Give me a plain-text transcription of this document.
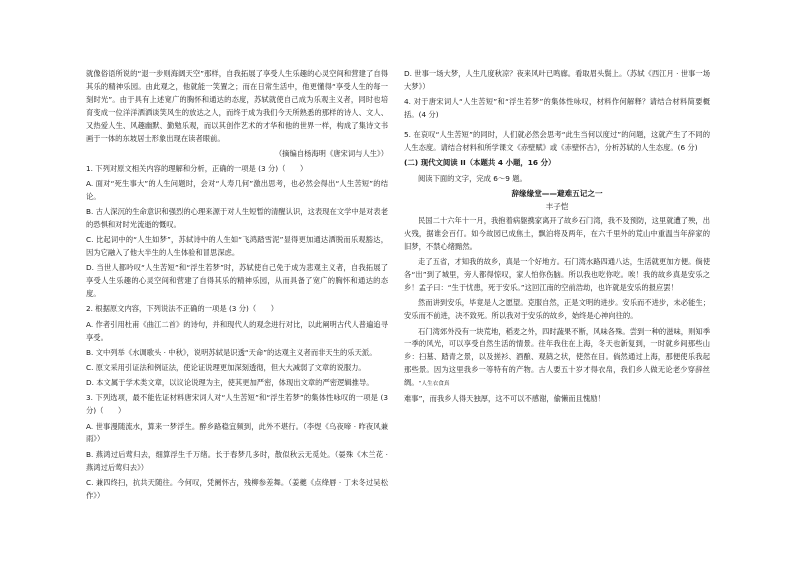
就像俗语所说的“退一步则海阔天空”那样，自我拓展了享受人生乐趣的心灵空间和营建了自得其乐的精神乐园。由此观之，他就能一笑置之；而在日常生活中，他更懂得“享受人生的每一刻时光”。由于具有上述宽广的胸怀和通达的态度，苏轼就使自己成为乐观主义者，同时也培育变成一位洋洋洒洒谈笑风生的放达之人，而终于成为我们今天所熟悉的那样的诗人、文人、又热爱人生、风趣幽默、勤勉乐观，而以其创作艺术的才华和他的世界一样，构成了集诗文书画于一体的东坡居士形象出现在读者眼前。

（摘编自杨海明《唐宋词与人生》）

1. 下列对原文相关内容的理解和分析，正确的一项是 (3 分)（　　）

A. 面对“死生事大”的人生问题时，会对“人寿几何”激出思考，也必然会得出“人生苦短”的结论。

B. 古人深沉的生命意识和强烈的心理来源于对人生短暂的清醒认识，这表现在文学中是对表老的恐惧和对时光流逝的慨叹。

C. 比起词中的“人生如梦”，苏轼诗中的人生如“飞鸿踏雪泥”显得更加通达洒脱而乐观豁达，因为它融入了他大半生的人生体验和冒思深虑。

D. 当世人都吟叹“人生苦短”和“浮生若梦”时，苏轼使自己免于成为悲观主义者，自我拓展了享受人生乐趣的心灵空间和营建了自得其乐的精神乐园，从而具备了宽广的胸怀和通达的态度。

2. 根据原文内容，下列说法不正确的一项是 (3 分)（　　）

A. 作者引用杜甫《曲江二首》的诗句，并和现代人的观念进行对比，以此阐明古代人普遍追寻享受。

B. 文中列举《水调歌头 · 中秋》，说明苏轼是识透“天命”的达观主义者而非天生的乐天派。

C. 原文采用引证法和例证法，使论证说理更加深刻透彻，但大大减弱了文章的说服力。

D. 本文属于学术类文章，以议论说理为主，使其更加严密，体现出文章的严密逻辑推导。

3. 下列选项，最不能佐证材料唐宋词人对“人生苦短”和“浮生若梦”的集体性咏叹的一项是 (3 分)（　　）

A. 世事漫随流水，算来一梦浮生。醉乡路稳宜频到，此外不堪行。（李煜《乌夜啼 · 昨夜风兼雨》）

B. 燕鸿过后莺归去，细算浮生千万绪。长于春梦几多时，散似秋云无觅处。（晏殊《木兰花 · 燕鸿过后莺归去》）

C. 兼四终扫，抗共天随往。今何叹，凭阑怀古，残柳参差舞。（姜夔《点绛唇 · 丁未冬过吴松作》）

D. 世事一场大梦，人生几度秋凉？夜来风叶已鸣廊。看取眉头鬓上。（苏轼《西江月 · 世事一场大梦》）

4. 对于唐宋词人“人生苦短”和“浮生若梦”的集体性咏叹，材料作何解释？请结合材料简要概括。(4 分)

5. 在哀叹“人生苦短”的同时，人们就必然会思考“此生当何以度过”的问题，这就产生了不同的人生态度。请结合材料和所学课文《赤壁赋》或《赤壁怀古》，分析苏轼的人生态度。(6 分)

(二) 现代文阅读 II（本题共 4 小题，16 分）

阅读下面的文字，完成 6～9 题。

辞缘缘堂——避难五记之一

丰子恺

民国二十六年十一月，我抱着病躯携家离开了故乡石门湾，我不及预防，这里就遭了殃，出火残，据谁会百仃。如今故园已成焦土，飘泊将及两年，在六千里外的荒山中重温当年辞家的旧梦，不禁心绪黯然。

走了五省，才知我的故乡，真是一个好地方。石门湾水路四通八达，生活就更加方便。倘使各“出”到了城里，旁人都得惊叹，家人怕你伤脑。所以我也吃你吃。唉！我的故乡真是安乐之乡！孟子曰：“生于忧患，死于安乐。”这回江南的空前浩劫，也许就是安乐的报应罢！

然而讲到安乐，毕竟是人之愿望。克服自然，正是文明的进步。安乐而不进步，未必能生；安乐而不前进，决不致死。所以我对于安乐的故乡，始终是心神向往的。

石门湾郊外没有一块荒地，稻麦之外，四时蔬果不断，风味各殊。尝到一种的滋味，则知季一季的风光，可以享受自然生活的情景。往年我住在上海，冬天也新复到，一时就乡间那些山乡：扫墓、踏青之景，以及搓衫、酒酿、观鸫之状，使然在目。倘然通过上海，那便使乐我起那些景。因为这里我乡一等特有的产物。古人要五十岁才得衣帛，我们乡人做无论老少穿辞丝绸。“人生衣食真

难事”，而我乡人得天独厚，这不可以不感谢，偷懒而且愧励！
